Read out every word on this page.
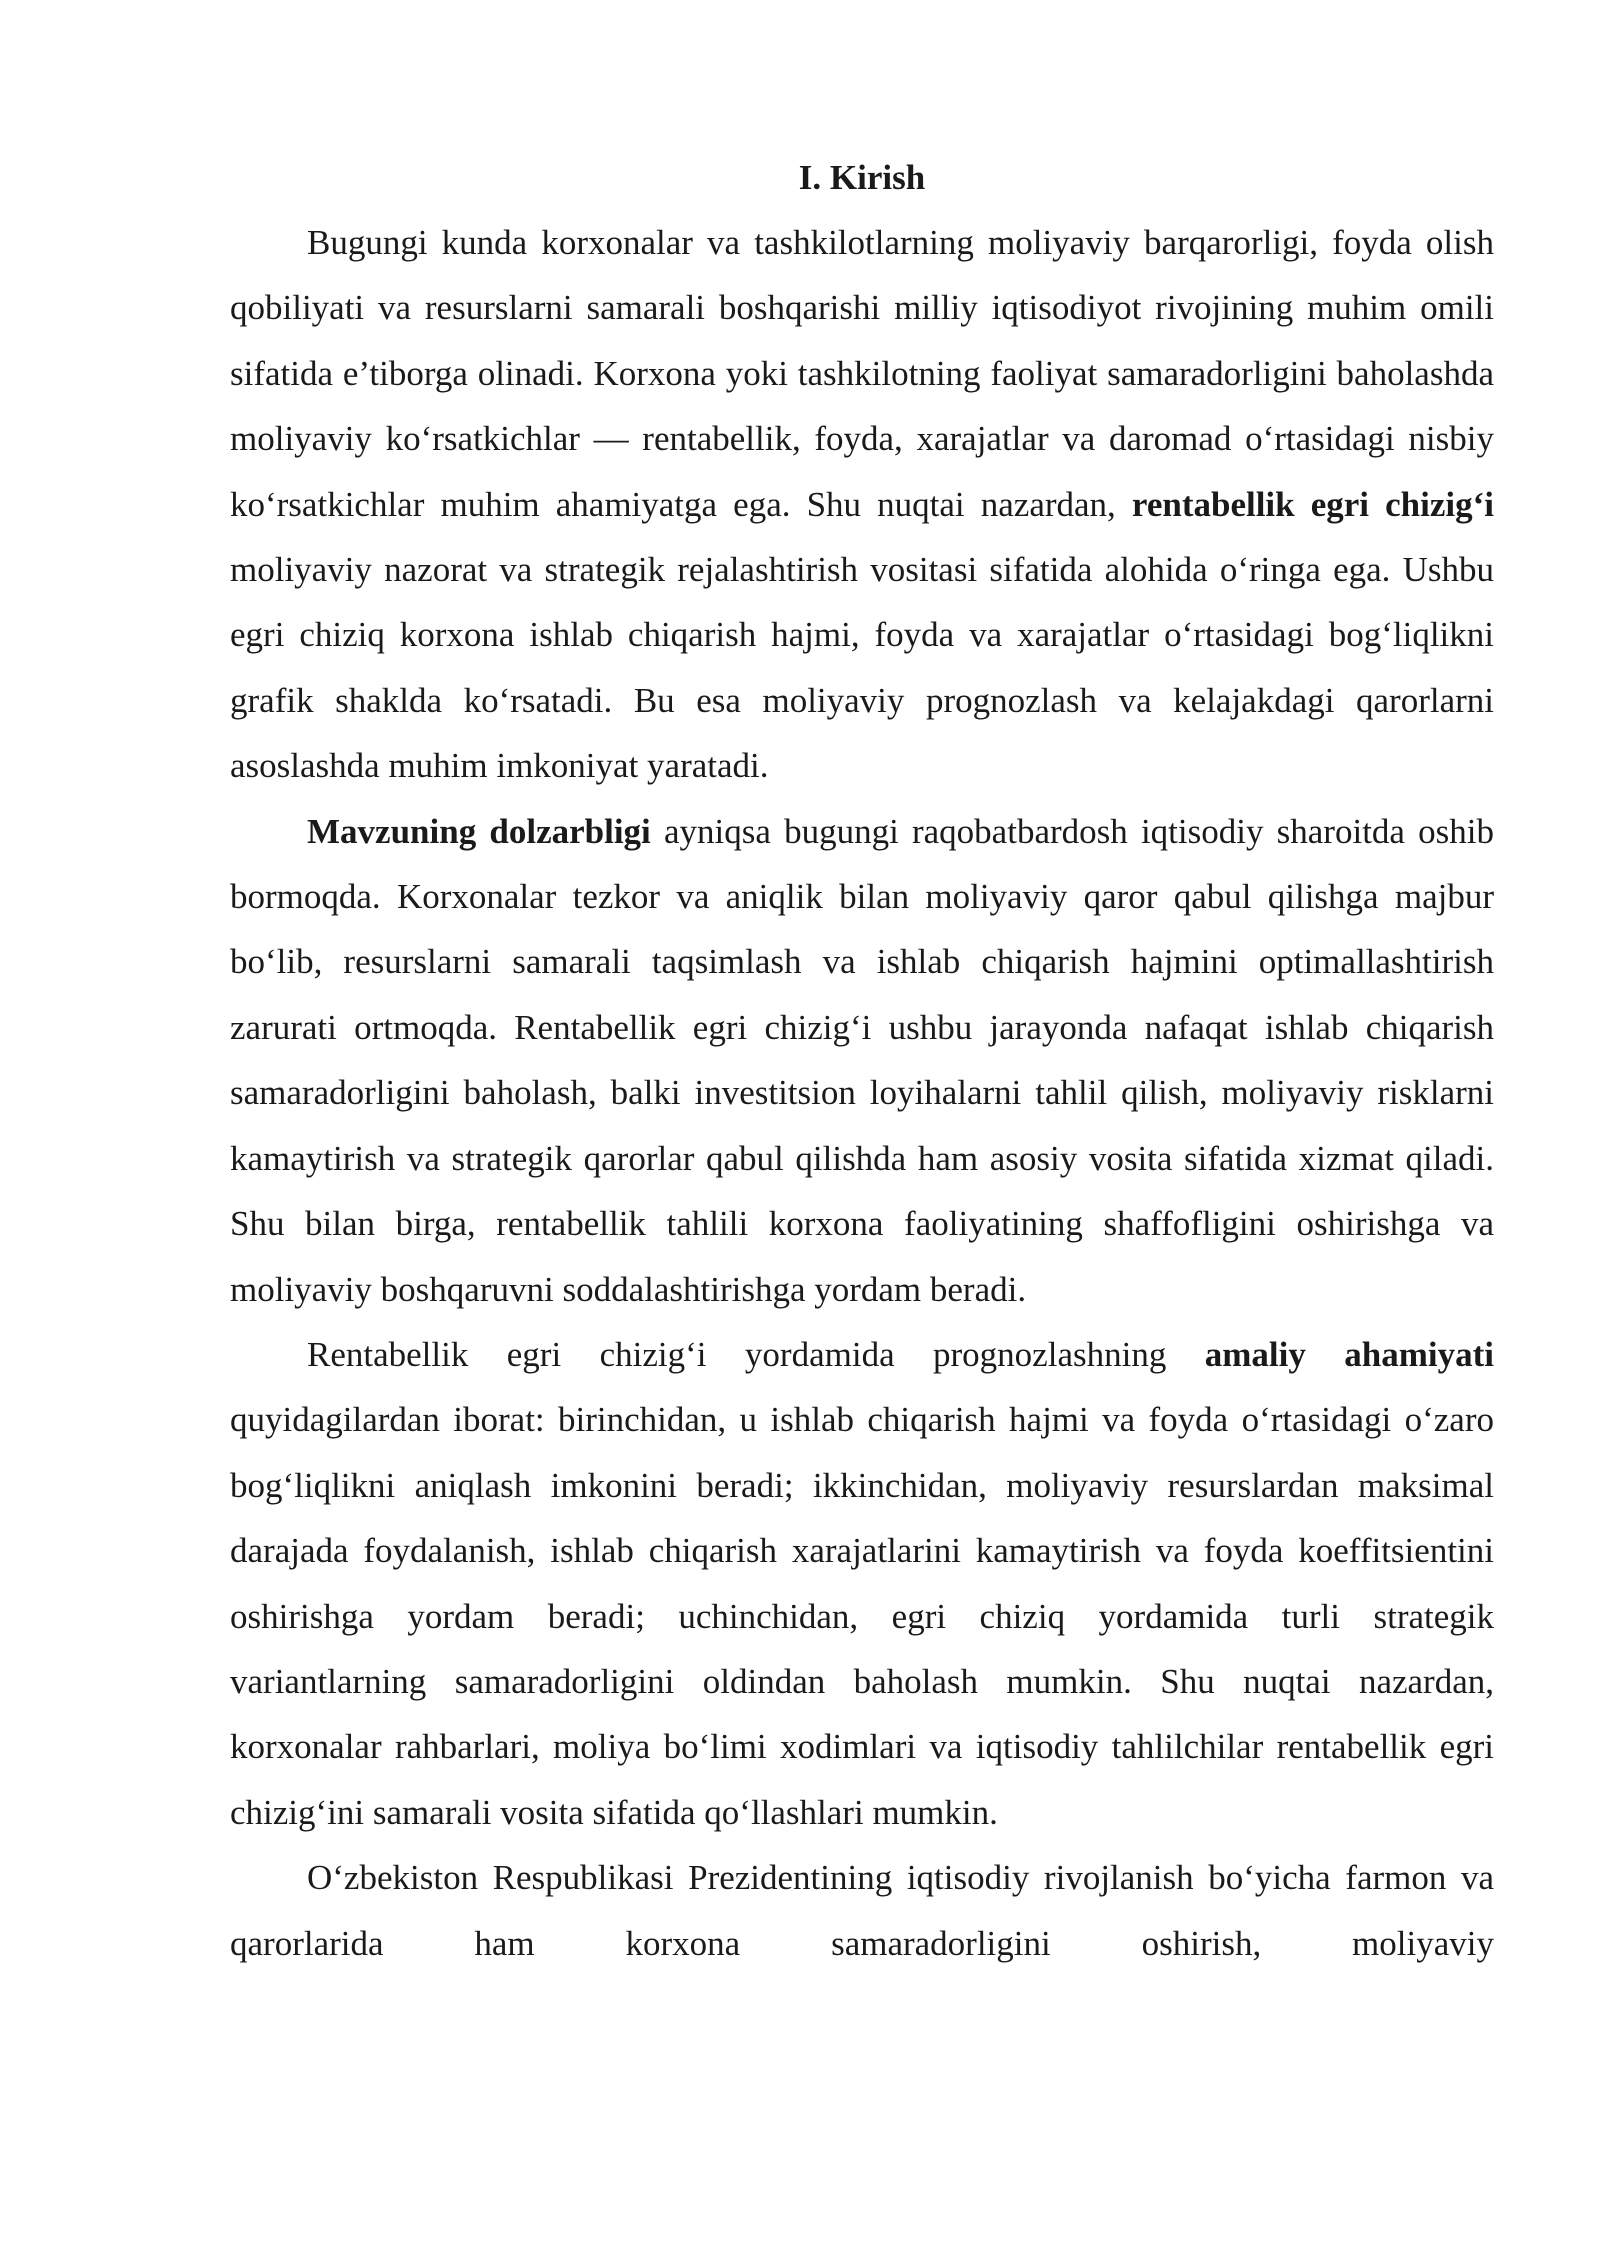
I. Kirish

Bugungi kunda korxonalar va tashkilotlarning moliyaviy barqarorligi, foyda olish qobiliyati va resurslarni samarali boshqarishi milliy iqtisodiyot rivojining muhim omili sifatida e’tiborga olinadi. Korxona yoki tashkilotning faoliyat samaradorligini baholashda moliyaviy ko‘rsatkichlar — rentabellik, foyda, xarajatlar va daromad o‘rtasidagi nisbiy ko‘rsatkichlar muhim ahamiyatga ega. Shu nuqtai nazardan, rentabellik egri chizig‘i moliyaviy nazorat va strategik rejalashtirish vositasi sifatida alohida o‘ringa ega. Ushbu egri chiziq korxona ishlab chiqarish hajmi, foyda va xarajatlar o‘rtasidagi bog‘liqlikni grafik shaklda ko‘rsatadi. Bu esa moliyaviy prognozlash va kelajakdagi qarorlarni asoslashda muhim imkoniyat yaratadi.

Mavzuning dolzarbligi ayniqsa bugungi raqobatbardosh iqtisodiy sharoitda oshib bormoqda. Korxonalar tezkor va aniqlik bilan moliyaviy qaror qabul qilishga majbur bo‘lib, resurslarni samarali taqsimlash va ishlab chiqarish hajmini optimallashtirish zarurati ortmoqda. Rentabellik egri chizig‘i ushbu jarayonda nafaqat ishlab chiqarish samaradorligini baholash, balki investitsion loyihalarni tahlil qilish, moliyaviy risklarni kamaytirish va strategik qarorlar qabul qilishda ham asosiy vosita sifatida xizmat qiladi. Shu bilan birga, rentabellik tahlili korxona faoliyatining shaffofligini oshirishga va moliyaviy boshqaruvni soddalashtirishga yordam beradi.

Rentabellik egri chizig‘i yordamida prognozlashning amaliy ahamiyati quyidagilardan iborat: birinchidan, u ishlab chiqarish hajmi va foyda o‘rtasidagi o‘zaro bog‘liqlikni aniqlash imkonini beradi; ikkinchidan, moliyaviy resurslardan maksimal darajada foydalanish, ishlab chiqarish xarajatlarini kamaytirish va foyda koeffitsientini oshirishga yordam beradi; uchinchidan, egri chiziq yordamida turli strategik variantlarning samaradorligini oldindan baholash mumkin. Shu nuqtai nazardan, korxonalar rahbarlari, moliya bo‘limi xodimlari va iqtisodiy tahlilchilar rentabellik egri chizig‘ini samarali vosita sifatida qo‘llashlari mumkin.

O‘zbekiston Respublikasi Prezidentining iqtisodiy rivojlanish bo‘yicha farmon va qarorlarida ham korxona samaradorligini oshirish, moliyaviy
